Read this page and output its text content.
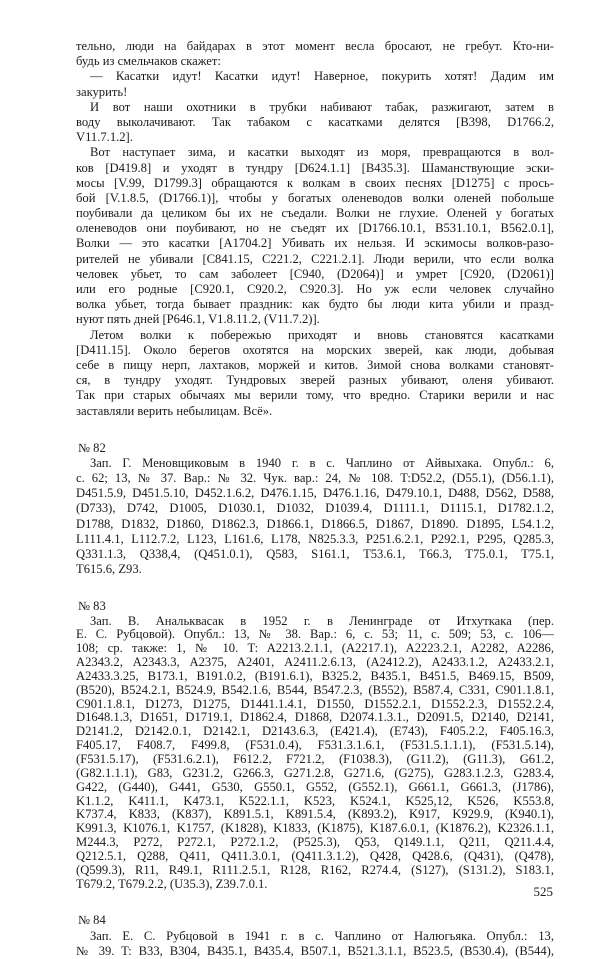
тельно, люди на байдарах в этот момент весла бросают, не гребут. Кто-ни-
будь из смельчаков скажет:
— Касатки идут! Касатки идут! Наверное, покурить хотят! Дадим им
закурить!
И вот наши охотники в трубки набивают табак, разжигают, затем в
воду выколачивают. Так табаком с касатками делятся [B398, D1766.2,
V11.7.1.2].
Вот наступает зима, и касатки выходят из моря, превращаются в вол-
ков [D419.8] и уходят в тундру [D624.1.1] [B435.3]. Шаманствующие эски-
мосы [V.99, D1799.3] обращаются к волкам в своих песнях [D1275] с прось-
бой [V.1.8.5, (D1766.1)], чтобы у богатых оленеводов волки оленей побольше
поубивали да целиком бы их не съедали. Волки не глухие. Оленей у богатых
оленеводов они поубивают, но не съедят их [D1766.10.1, B531.10.1, B562.0.1],
Волки — это касатки [A1704.2] Убивать их нельзя. И эскимосы волков-разо-
рителей не убивали [C841.15, C221.2, C221.2.1]. Люди верили, что если волка
человек убьет, то сам заболеет [C940, (D2064)] и умрет [C920, (D2061)]
или его родные [C920.1, C920.2, C920.3]. Но уж если человек случайно
волка убьет, тогда бывает праздник: как будто бы люди кита убили и празд-
нуют пять дней [P646.1, V1.8.11.2, (V11.7.2)].
Летом волки к побережью приходят и вновь становятся касатками
[D411.15]. Около берегов охотятся на морских зверей, как люди, добывая
себе в пищу нерп, лахтаков, моржей и китов. Зимой снова волками становят-
ся, в тундру уходят. Тундровых зверей разных убивают, оленя убивают.
Так при старых обычаях мы верили тому, что вредно. Старики верили и нас
заставляли верить небылицам. Всё».
№ 82
Зап. Г. Меновщиковым в 1940 г. в с. Чаплино от Айвыхака. Опубл.: 6,
с. 62; 13, № 37. Вар.: № 32. Чук. вар.: 24, № 108. T:D52.2, (D55.1), (D56.1.1),
D451.5.9, D451.5.10, D452.1.6.2, D476.1.15, D476.1.16, D479.10.1, D488, D562, D588,
(D733), D742, D1005, D1030.1, D1032, D1039.4, D1111.1, D1115.1, D1782.1.2,
D1788, D1832, D1860, D1862.3, D1866.1, D1866.5, D1867, D1890. D1895, L54.1.2,
L111.4.1, L112.7.2, L123, L161.6, L178, N825.3.3, P251.6.2.1, P292.1, P295, Q285.3,
Q331.1.3, Q338,4, (Q451.0.1), Q583, S161.1, T53.6.1, T66.3, T75.0.1, T75.1,
T615.6, Z93.
№ 83
Зап. В. Аналькваcак в 1952 г. в Ленинграде от Итхуткака (пер.
Е. С. Рубцовой). Опубл.: 13, № 38. Вар.: 6, с. 53; 11, с. 509; 53, с. 106—
108; ср. также: 1, № 10. T: A2213.2.1.1, (A2217.1), A2223.2.1, A2282, A2286,
A2343.2, A2343.3, A2375, A2401, A2411.2.6.13, (A2412.2), A2433.1.2, A2433.2.1,
A2433.3.25, B173.1, B191.0.2, (B191.6.1), B325.2, B435.1, B451.5, B469.15, B509,
(B520), B524.2.1, B524.9, B542.1.6, B544, B547.2.3, (B552), B587.4, C331, C901.1.8.1,
C901.1.8.1, D1273, D1275, D1441.1.4.1, D1550, D1552.2.1, D1552.2.3, D1552.2.4,
D1648.1.3, D1651, D1719.1, D1862.4, D1868, D2074.1.3.1., D2091.5, D2140, D2141,
D2141.2, D2142.0.1, D2142.1, D2143.6.3, (E421.4), (E743), F405.2.2, F405.16.3,
F405.17, F408.7, F499.8, (F531.0.4), F531.3.1.6.1, (F531.5.1.1.1), (F531.5.14),
(F531.5.17), (F531.6.2.1), F612.2, F721.2, (F1038.3), (G11.2), (G11.3), G61.2,
(G82.1.1.1), G83, G231.2, G266.3, G271.2.8, G271.6, (G275), G283.1.2.3, G283.4,
G422, (G440), G441, G530, G550.1, G552, (G552.1), G661.1, G661.3, (J1786),
K1.1.2, K411.1, K473.1, K522.1.1, K523, K524.1, K525,12, K526, K553.8,
K737.4, K833, (K837), K891.5.1, K891.5.4, (K893.2), K917, K929.9, (K940.1),
K991.3, K1076.1, K1757, (K1828), K1833, (K1875), K187.6.0.1, (K1876.2), K2326.1.1,
M244.3, P272, P272.1, P272.1.2, (P525.3), Q53, Q149.1.1, Q211, Q211.4.4,
Q212.5.1, Q288, Q411, Q411.3.0.1, (Q411.3.1.2), Q428, Q428.6, (Q431), (Q478),
(Q599.3), R11, R49.1, R111.2.5.1, R128, R162, R274.4, (S127), (S131.2), S183.1,
T679.2, T679.2.2, (U35.3), Z39.7.0.1.
№ 84
Зап. Е. С. Рубцовой в 1941 г. в с. Чаплино от Налюгьяка. Опубл.: 13,
№ 39. T: B33, B304, B435.1, B435.4, B507.1, B521.3.1.1, B523.5, (B530.4), (B544),
525
